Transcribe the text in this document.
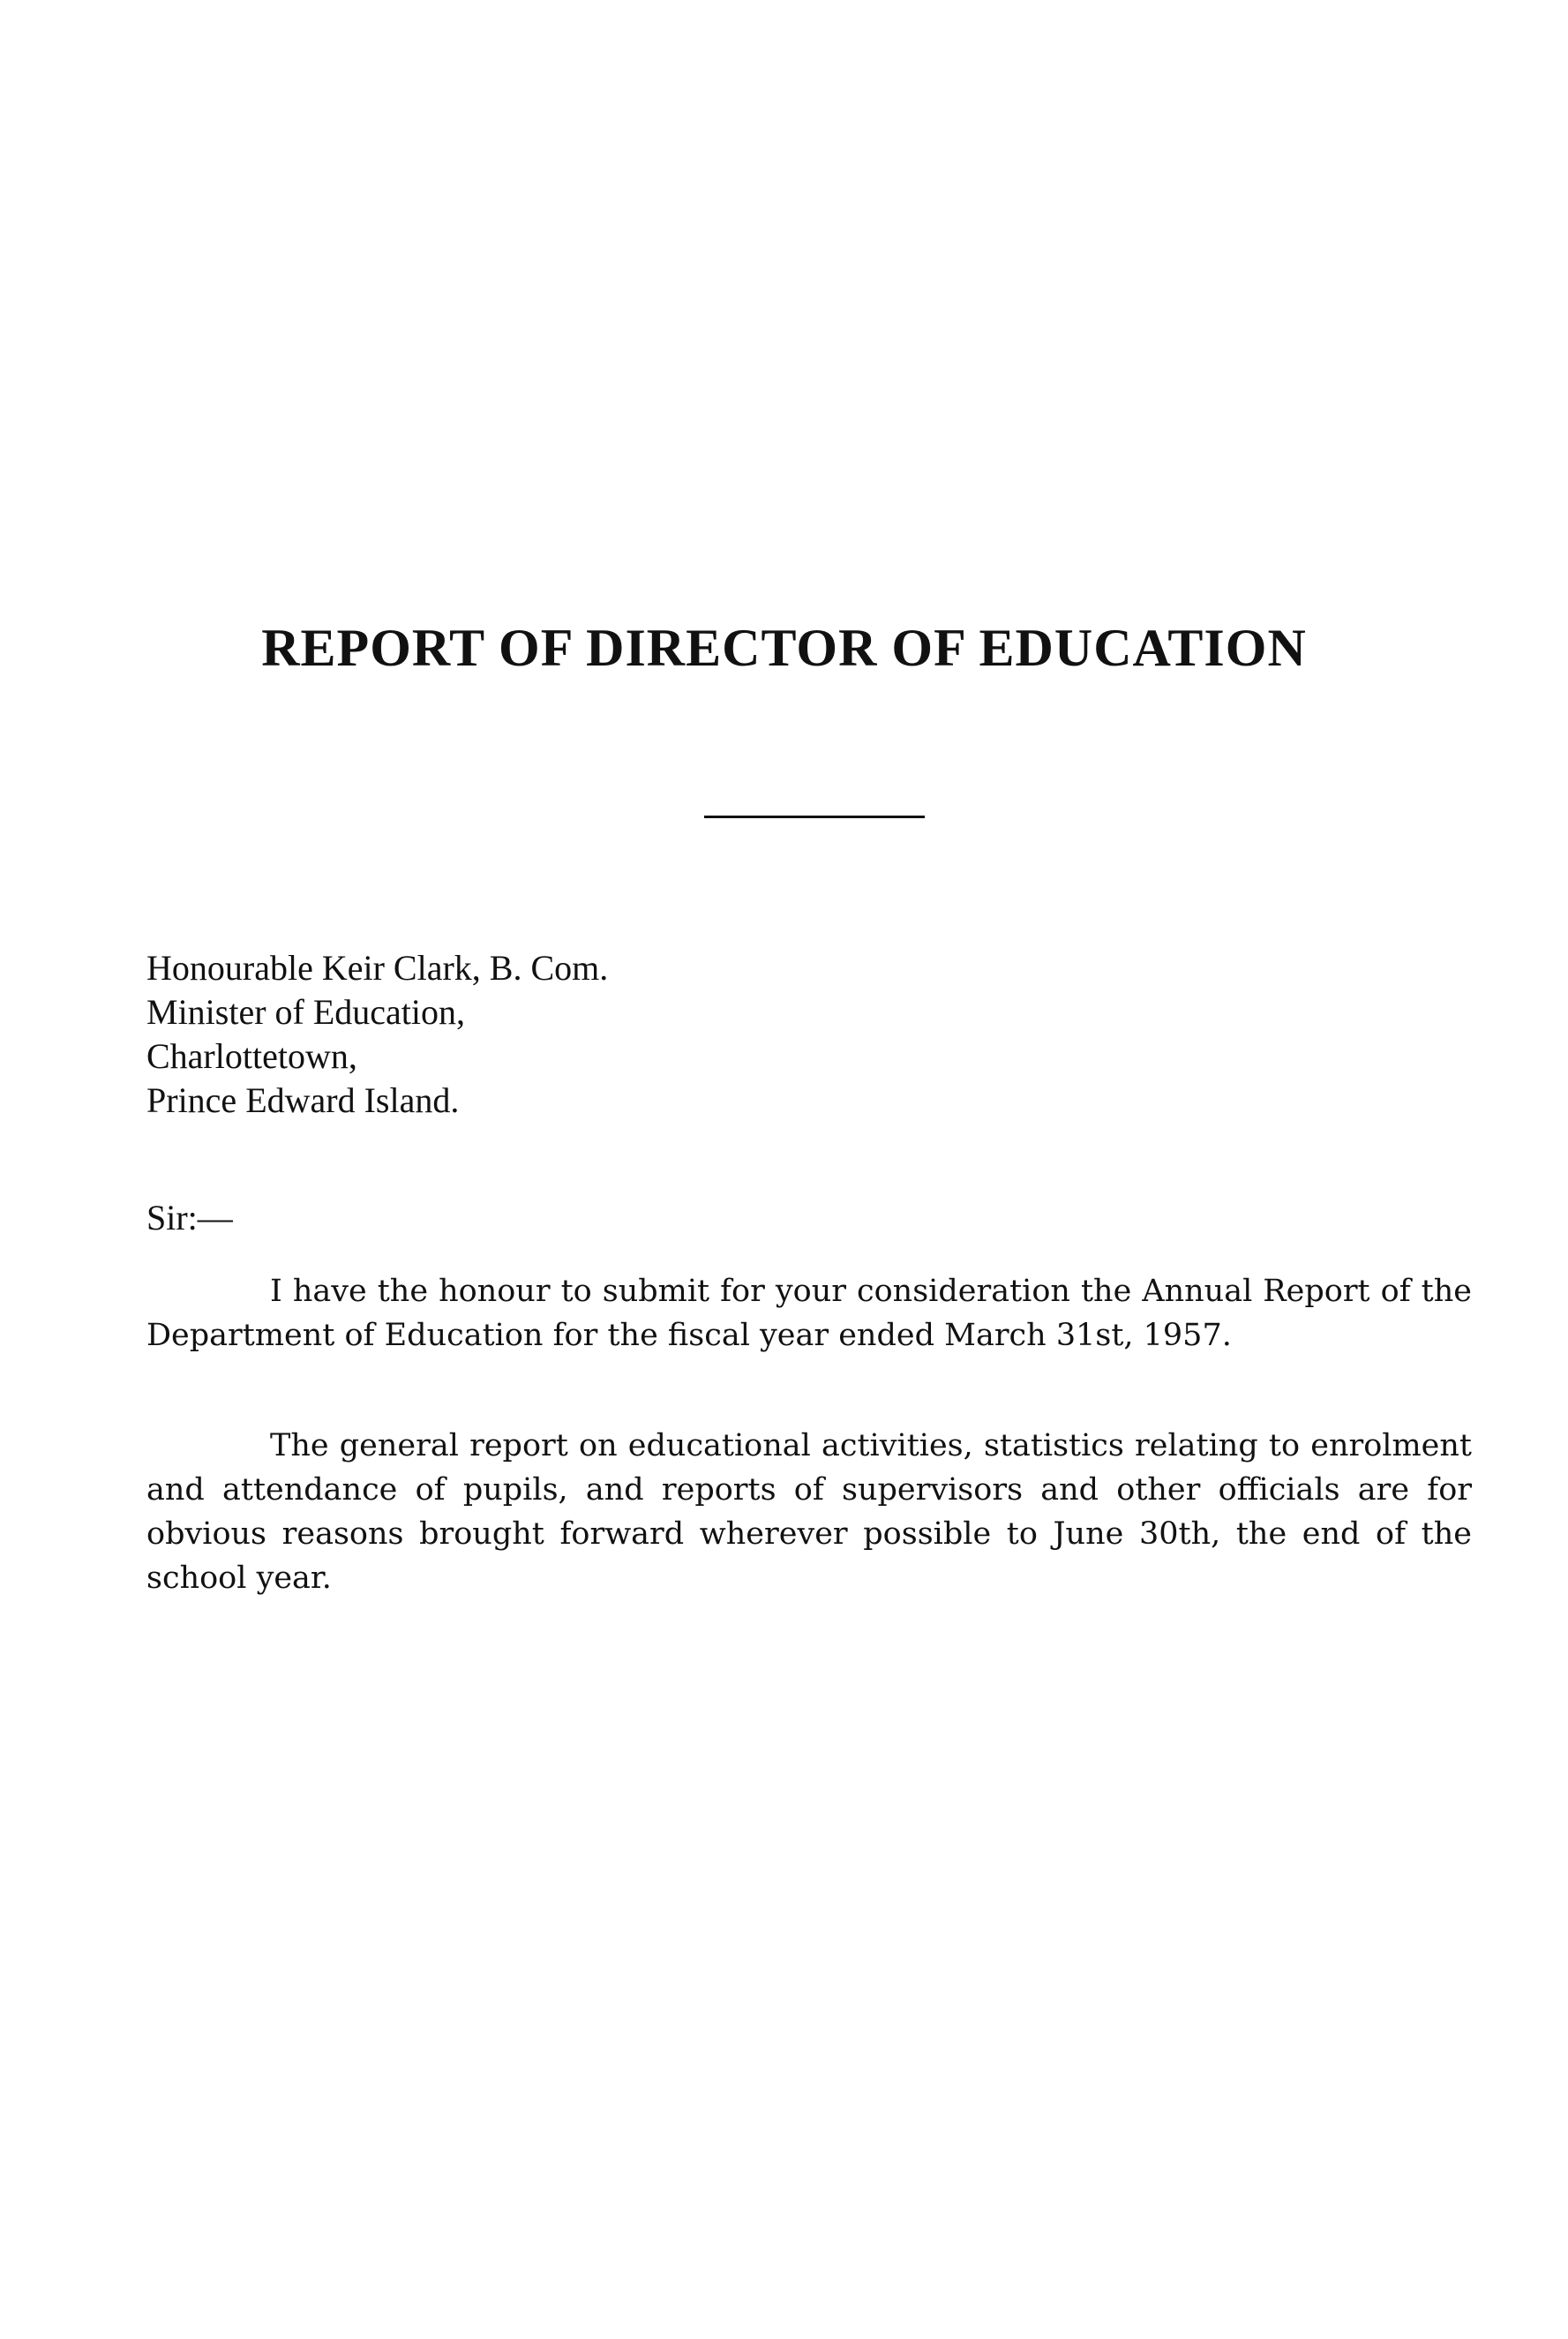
REPORT OF DIRECTOR OF EDUCATION
Honourable Keir Clark, B. Com.
Minister of Education,
Charlottetown,
Prince Edward Island.
Sir:—

I have the honour to submit for your consideration the Annual Report of the Department of Education for the fiscal year ended March 31st, 1957.

The general report on educational activities, statistics relating to enrolment and attendance of pupils, and reports of supervisors and other officials are for obvious reasons brought forward wherever possible to June 30th, the end of the school year.
